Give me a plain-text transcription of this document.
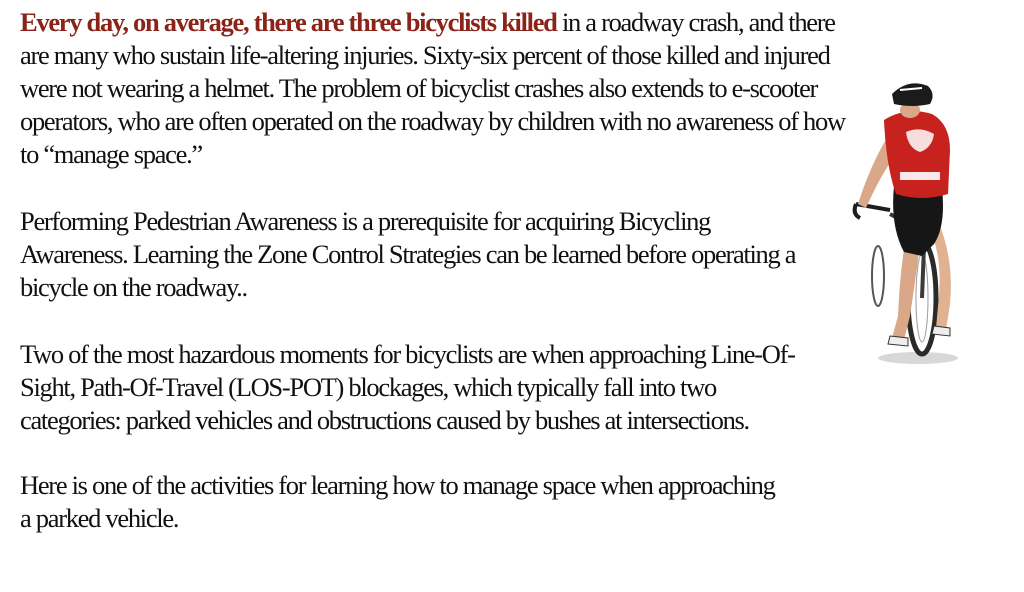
Every day, on average, there are three bicyclists killed in a roadway crash, and there are many who sustain life-altering injuries. Sixty-six percent of those killed and injured were not wearing a helmet. The problem of bicyclist crashes also extends to e-scooter operators, who are often operated on the roadway by children with no awareness of how to “manage space.”

Performing Pedestrian Awareness is a prerequisite for acquiring Bicycling Awareness. Learning the Zone Control Strategies can be learned before operating a bicycle on the roadway..

Two of the most hazardous moments for bicyclists are when approaching Line-Of-Sight, Path-Of-Travel (LOS-POT) blockages, which typically fall into two categories: parked vehicles and obstructions caused by bushes at intersections.

Here is one of the activities for learning how to manage space when approaching a parked vehicle.
